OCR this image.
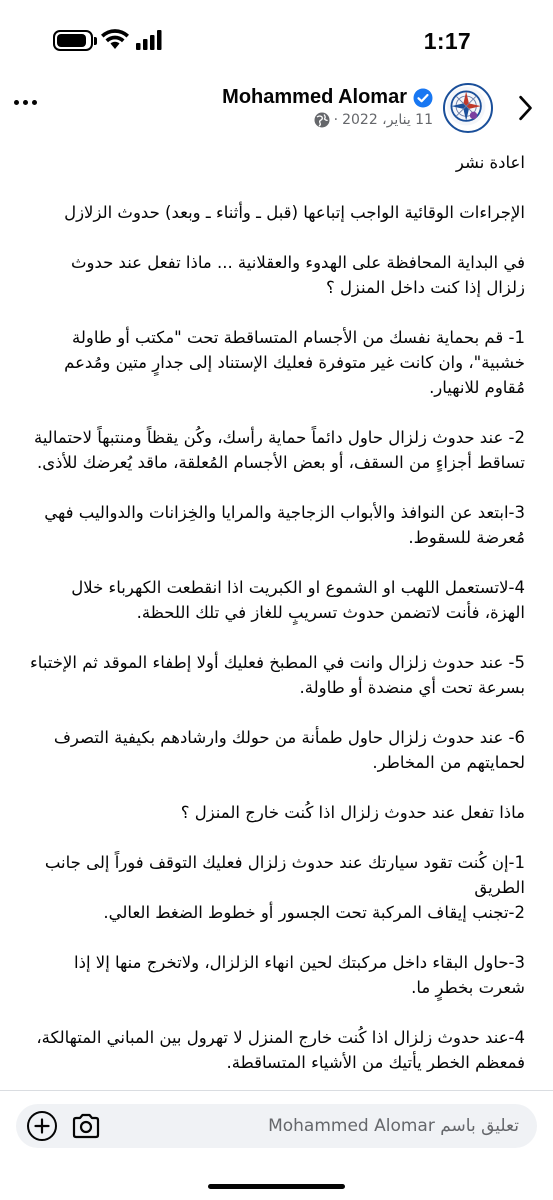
1:17
Mohammed Alomar
11 يناير، 2022
·

اعادة نشر

الإجراءات الوقائية الواجب إتباعها (قبل ـ وأثناء ـ وبعد) حدوث الزلازل

في البداية المحافظة على الهدوء والعقلانية ... ماذا تفعل عند حدوث زلزال إذا كنت داخل المنزل ؟

1- قم بحماية نفسك من الأجسام المتساقطة تحت "مكتب أو طاولة خشبية"، وان كانت غير متوفرة فعليك الإستناد إلى جدارٍ متين ومُدعم مُقاوم للانهيار.

2- عند حدوث زلزال حاول دائماً حماية رأسك، وكُن يقظاً ومنتبهاً لاحتمالية تساقط أجزاءٍ من السقف، أو بعض الأجسام المُعلقة، ماقد يُعرضك للأذى.

3-ابتعد عن النوافذ والأبواب الزجاجية والمرايا والخِزانات والدواليب فهي مُعرضة للسقوط.

4-لاتستعمل اللهب او الشموع او الكبريت اذا انقطعت الكهرباء خلال الهزة، فأنت لاتضمن حدوث تسريبٍ للغاز في تلك اللحظة.

5- عند حدوث زلزال وانت في المطبخ فعليك أولا إطفاء الموقد ثم الإختباء بسرعة تحت أي منضدة أو طاولة.

6- عند حدوث زلزال حاول طمأنة من حولك وارشادهم بكيفية التصرف لحمايتهم من المخاطر.

ماذا تفعل عند حدوث زلزال اذا كُنت خارج المنزل ؟

1-إن كُنت تقود سيارتك عند حدوث زلزال فعليك التوقف فوراً إلى جانب الطريق
2-تجنب إيقاف المركبة تحت الجسور أو خطوط الضغط العالي.

3-حاول البقاء داخل مركبتك لحين انهاء الزلزال، ولاتخرج منها إلا إذا شعرت بخطرٍ ما.

4-عند حدوث زلزال اذا كُنت خارج المنزل لا تهرول بين المباني المتهالكة، فمعظم الخطر يأتيك من الأشياء المتساقطة.

تعليق باسم Mohammed Alomar
